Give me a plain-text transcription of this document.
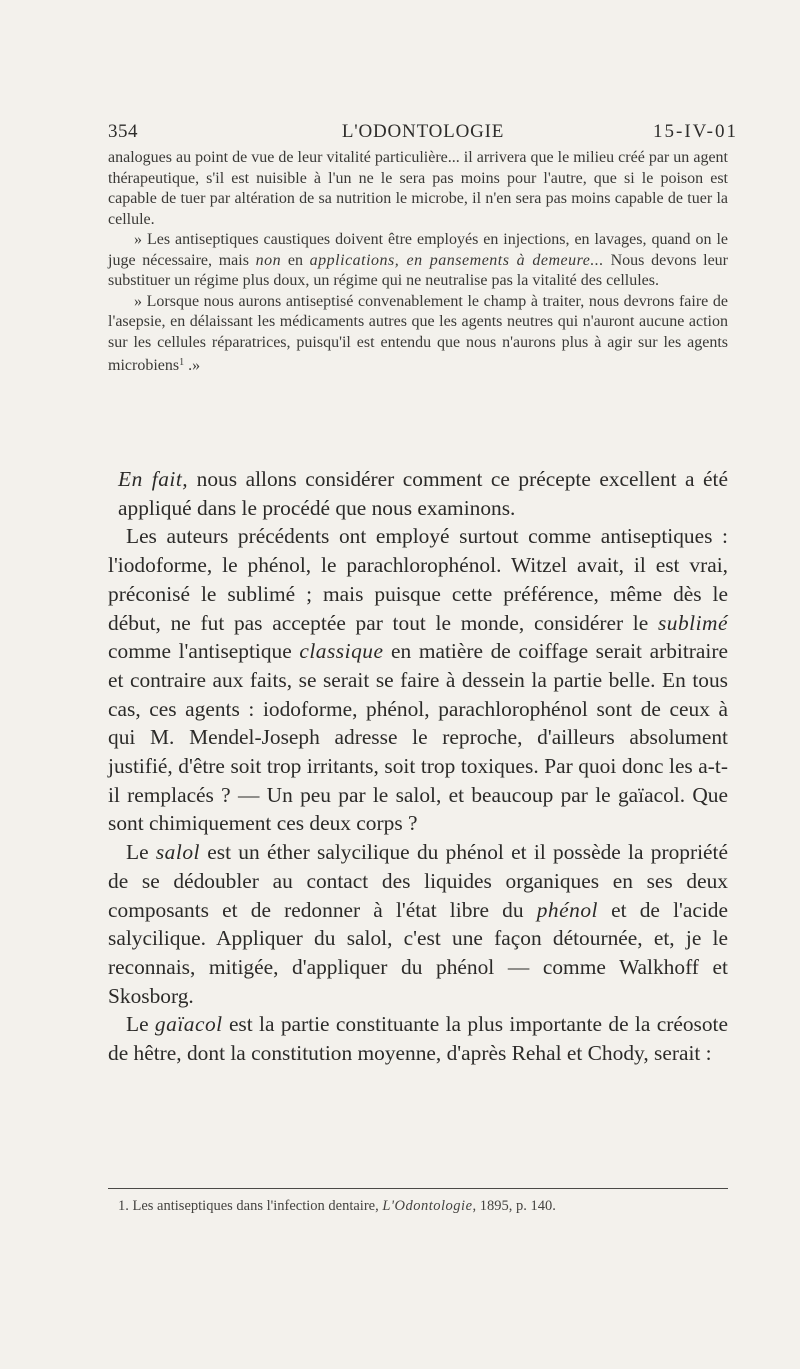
354	L'ODONTOLOGIE	15-IV-01

analogues au point de vue de leur vitalité particulière... il arrivera que le milieu créé par un agent thérapeutique, s'il est nuisible à l'un ne le sera pas moins pour l'autre, que si le poison est capable de tuer par altération de sa nutrition le microbe, il n'en sera pas moins capable de tuer la cellule.

» Les antiseptiques caustiques doivent être employés en injections, en lavages, quand on le juge nécessaire, mais non en applications, en pansements à demeure... Nous devons leur substituer un régime plus doux, un régime qui ne neutralise pas la vitalité des cellules.

» Lorsque nous aurons antiseptisé convenablement le champ à traiter, nous devrons faire de l'asepsie, en délaissant les médicaments autres que les agents neutres qui n'auront aucune action sur les cellules réparatrices, puisqu'il est entendu que nous n'aurons plus à agir sur les agents microbiens$^1$ .»

En fait, nous allons considérer comment ce précepte excellent a été appliqué dans le procédé que nous examinons.

Les auteurs précédents ont employé surtout comme antiseptiques : l'iodoforme, le phénol, le parachlorophénol. Witzel avait, il est vrai, préconisé le sublimé ; mais puisque cette préférence, même dès le début, ne fut pas acceptée par tout le monde, considérer le sublimé comme l'antiseptique classique en matière de coiffage serait arbitraire et contraire aux faits, se serait se faire à dessein la partie belle. En tous cas, ces agents : iodoforme, phénol, parachlorophénol sont de ceux à qui M. Mendel-Joseph adresse le reproche, d'ailleurs absolument justifié, d'être soit trop irritants, soit trop toxiques. Par quoi donc les a-t-il remplacés ? — Un peu par le salol, et beaucoup par le gaïacol. Que sont chimiquement ces deux corps ?

Le salol est un éther salycilique du phénol et il possède la propriété de se dédoubler au contact des liquides organiques en ses deux composants et de redonner à l'état libre du phénol et de l'acide salycilique. Appliquer du salol, c'est une façon détournée, et, je le reconnais, mitigée, d'appliquer du phénol — comme Walkhoff et Skosborg.

Le gaïacol est la partie constituante la plus importante de la créosote de hêtre, dont la constitution moyenne, d'après Rehal et Chody, serait :

1. Les antiseptiques dans l'infection dentaire, L'Odontologie, 1895, p. 140.
